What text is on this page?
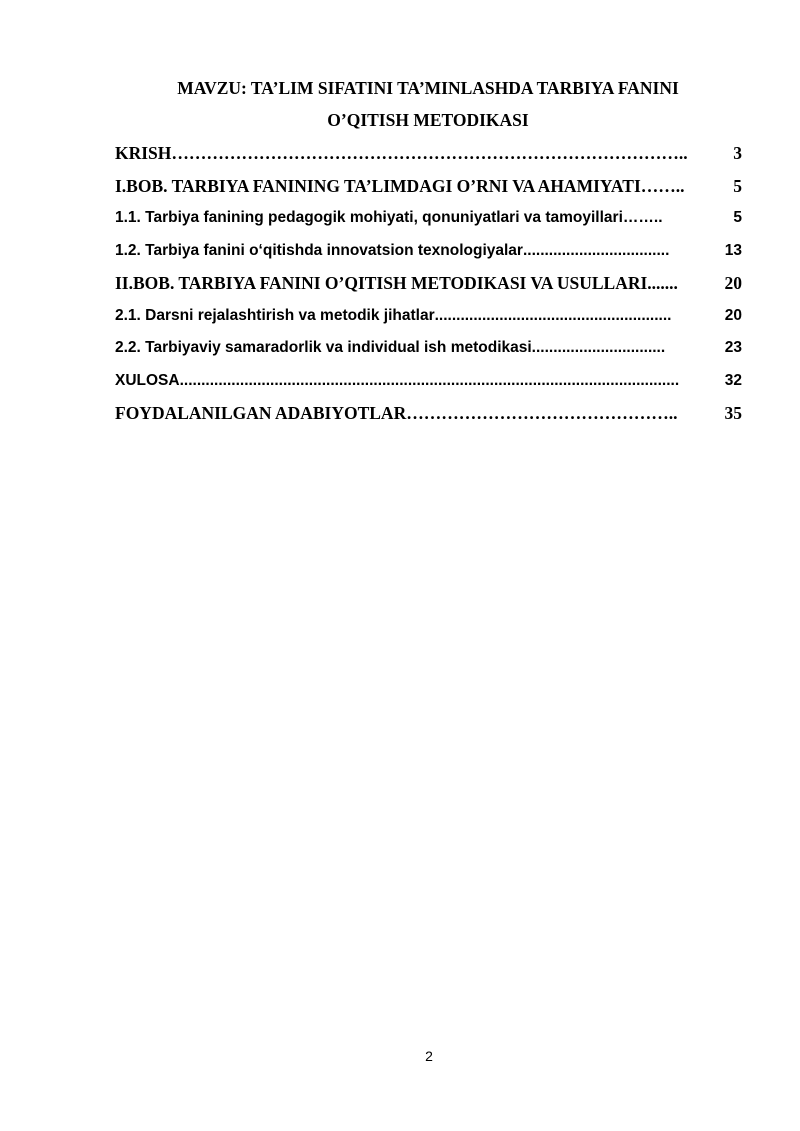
MAVZU: TA’LIM SIFATINI TA’MINLASHDA TARBIYA FANINI
O’QITISH METODIKASI
KRISH ……………………………………………………………………………..	3
I.BOB. TARBIYA FANINING TA’LIMDAGI O’RNI VA AHAMIYATI ……..	5
1.1. Tarbiya fanining pedagogik mohiyati, qonuniyatlari va tamoyillari ……..	5
1.2. Tarbiya fanini o‘qitishda innovatsion texnologiyalar ..................................	13
II.BOB. TARBIYA FANINI O’QITISH METODIKASI VA USULLARI .......	20
2.1. Darsni rejalashtirish va metodik jihatlar .......................................................	20
2.2. Tarbiyaviy samaradorlik va individual ish metodikasi ...............................	23
XULOSA ....................................................................................................................	32
FOYDALANILGAN ADABIYOTLAR ………………………………………..	35
2
